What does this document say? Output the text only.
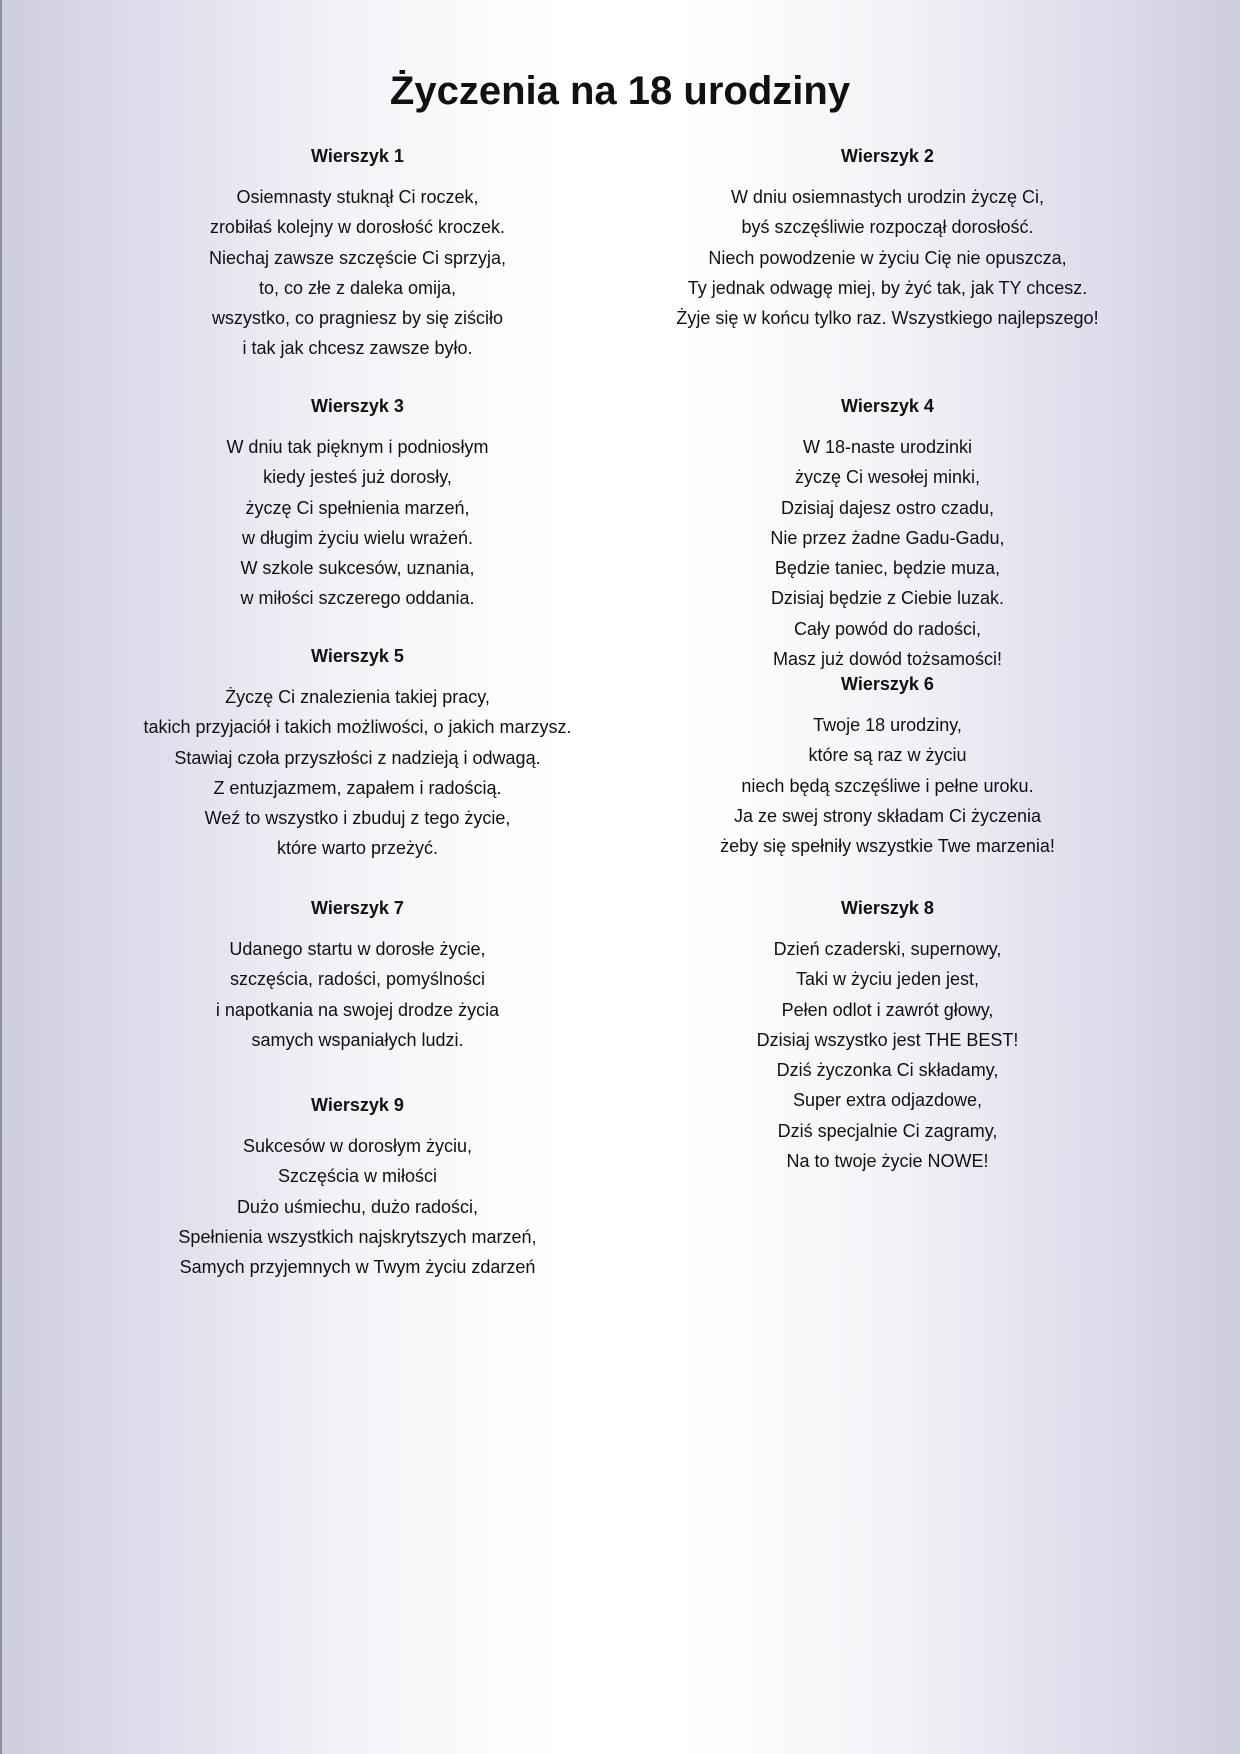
Życzenia na 18 urodziny
Wierszyk 1
Osiemnasty stuknął Ci roczek,
zrobiłaś kolejny w dorosłość kroczek.
Niechaj zawsze szczęście Ci sprzyja,
to, co złe z daleka omija,
wszystko, co pragniesz by się ziściło
i tak jak chcesz zawsze było.
Wierszyk 2
W dniu osiemnastych urodzin życzę Ci,
byś szczęśliwie rozpoczął dorosłość.
Niech powodzenie w życiu Cię nie opuszcza,
Ty jednak odwagę miej, by żyć tak, jak TY chcesz.
Żyje się w końcu tylko raz. Wszystkiego najlepszego!
Wierszyk 3
W dniu tak pięknym i podniosłym
kiedy jesteś już dorosły,
życzę Ci spełnienia marzeń,
w długim życiu wielu wrażeń.
W szkole sukcesów, uznania,
w miłości szczerego oddania.
Wierszyk 4
W 18-naste urodzinki
życzę Ci wesołej minki,
Dzisiaj dajesz ostro czadu,
Nie przez żadne Gadu-Gadu,
Będzie taniec, będzie muza,
Dzisiaj będzie z Ciebie luzak.
Cały powód do radości,
Masz już dowód tożsamości!
Wierszyk 5
Życzę Ci znalezienia takiej pracy,
takich przyjaciół i takich możliwości, o jakich marzysz.
Stawiaj czoła przyszłości z nadzieją i odwagą.
Z entuzjazmem, zapałem i radością.
Weź to wszystko i zbuduj z tego życie,
które warto przeżyć.
Wierszyk 6
Twoje 18 urodziny,
które są raz w życiu
niech będą szczęśliwe i pełne uroku.
Ja ze swej strony składam Ci życzenia
żeby się spełniły wszystkie Twe marzenia!
Wierszyk 7
Udanego startu w dorosłe życie,
szczęścia, radości, pomyślności
i napotkania na swojej drodze życia
samych wspaniałych ludzi.
Wierszyk 8
Dzień czaderski, supernowy,
Taki w życiu jeden jest,
Pełen odlot i zawrót głowy,
Dzisiaj wszystko jest THE BEST!
Dziś życzonka Ci składamy,
Super extra odjazdowe,
Dziś specjalnie Ci zagramy,
Na to twoje życie NOWE!
Wierszyk 9
Sukcesów w dorosłym życiu,
Szczęścia w miłości
Dużo uśmiechu, dużo radości,
Spełnienia wszystkich najskrytszych marzeń,
Samych przyjemnych w Twym życiu zdarzeń
